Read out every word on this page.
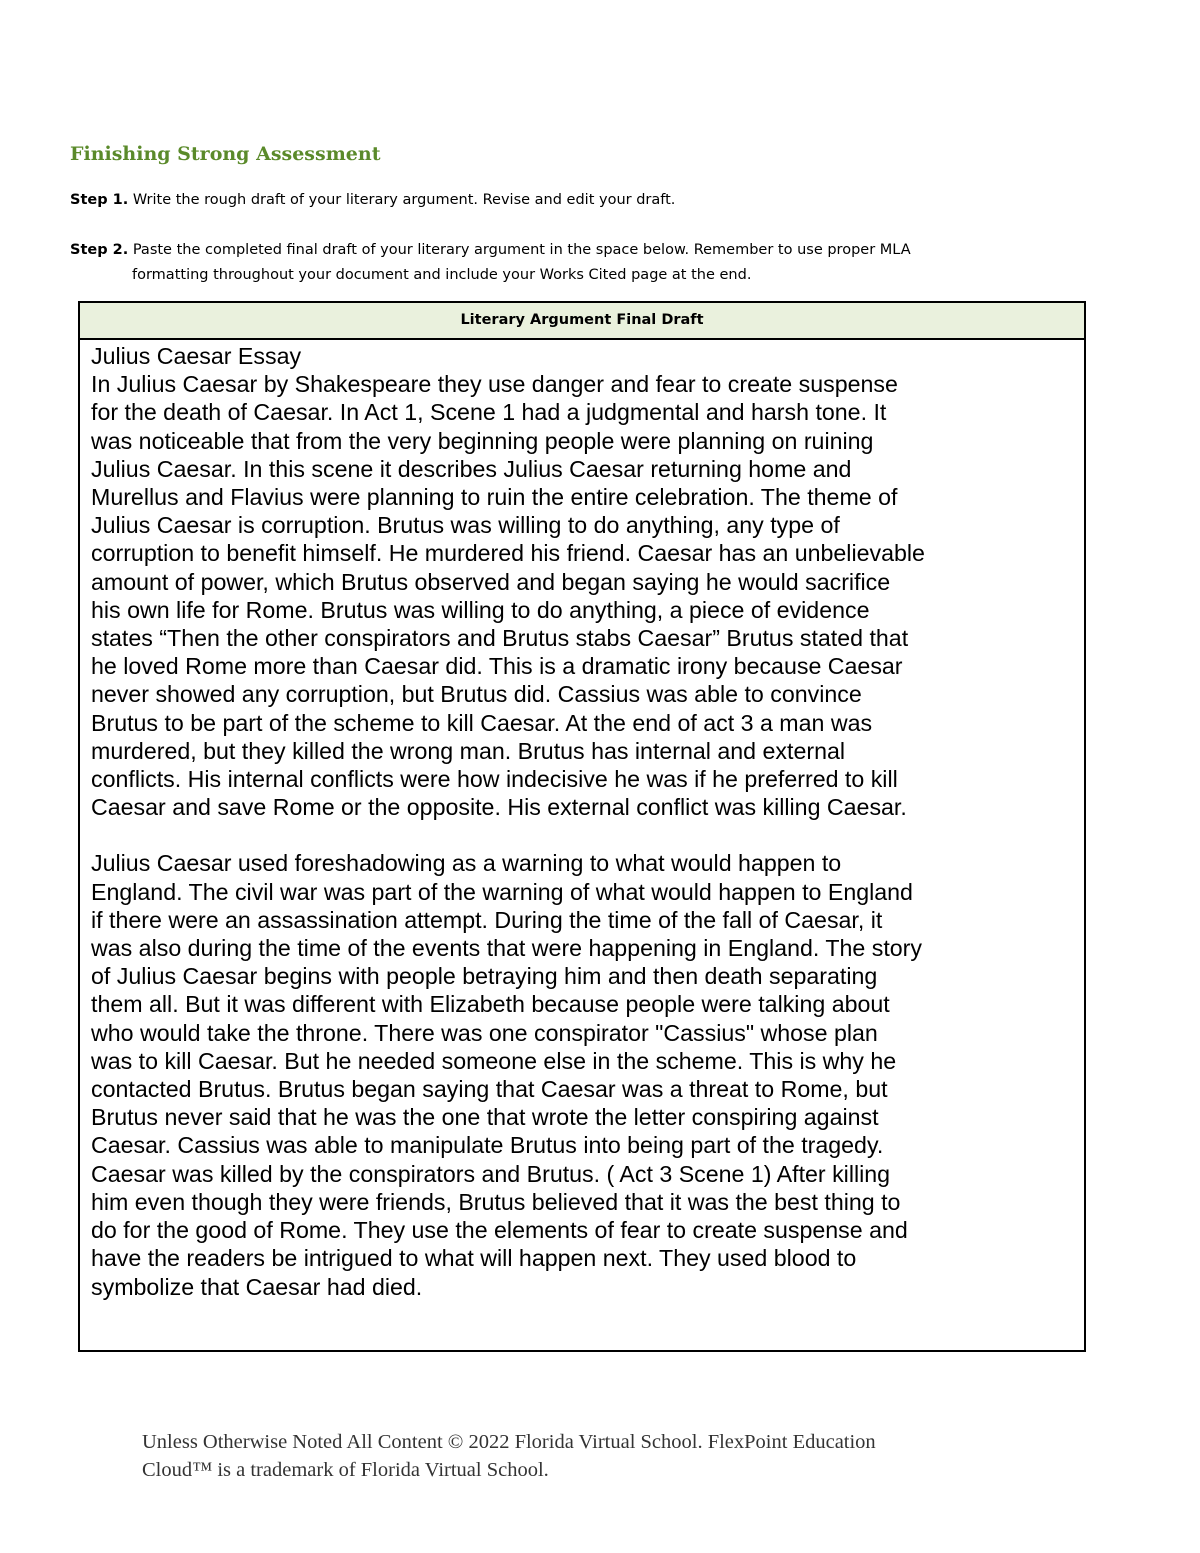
Finishing Strong Assessment
Step 1. Write the rough draft of your literary argument. Revise and edit your draft.
Step 2. Paste the completed final draft of your literary argument in the space below. Remember to use proper MLA
formatting throughout your document and include your Works Cited page at the end.
Literary Argument Final Draft

Julius Caesar Essay

In Julius Caesar by Shakespeare they use danger and fear to create suspense
for the death of Caesar. In Act 1, Scene 1 had a judgmental and harsh tone. It
was noticeable that from the very beginning people were planning on ruining
Julius Caesar. In this scene it describes Julius Caesar returning home and
Murellus and Flavius were planning to ruin the entire celebration. The theme of
Julius Caesar is corruption. Brutus was willing to do anything, any type of
corruption to benefit himself. He murdered his friend. Caesar has an unbelievable
amount of power, which Brutus observed and began saying he would sacrifice
his own life for Rome. Brutus was willing to do anything, a piece of evidence
states “Then the other conspirators and Brutus stabs Caesar” Brutus stated that
he loved Rome more than Caesar did. This is a dramatic irony because Caesar
never showed any corruption, but Brutus did. Cassius was able to convince
Brutus to be part of the scheme to kill Caesar. At the end of act 3 a man was
murdered, but they killed the wrong man. Brutus has internal and external
conflicts. His internal conflicts were how indecisive he was if he preferred to kill
Caesar and save Rome or the opposite. His external conflict was killing Caesar.

Julius Caesar used foreshadowing as a warning to what would happen to
England. The civil war was part of the warning of what would happen to England
if there were an assassination attempt. During the time of the fall of Caesar, it
was also during the time of the events that were happening in England. The story
of Julius Caesar begins with people betraying him and then death separating
them all. But it was different with Elizabeth because people were talking about
who would take the throne. There was one conspirator "Cassius" whose plan
was to kill Caesar. But he needed someone else in the scheme. This is why he
contacted Brutus. Brutus began saying that Caesar was a threat to Rome, but
Brutus never said that he was the one that wrote the letter conspiring against
Caesar. Cassius was able to manipulate Brutus into being part of the tragedy.
Caesar was killed by the conspirators and Brutus. ( Act 3 Scene 1) After killing
him even though they were friends, Brutus believed that it was the best thing to
do for the good of Rome. They use the elements of fear to create suspense and
have the readers be intrigued to what will happen next. They used blood to
symbolize that Caesar had died.

Unless Otherwise Noted All Content © 2022 Florida Virtual School. FlexPoint Education
Cloud™ is a trademark of Florida Virtual School.
